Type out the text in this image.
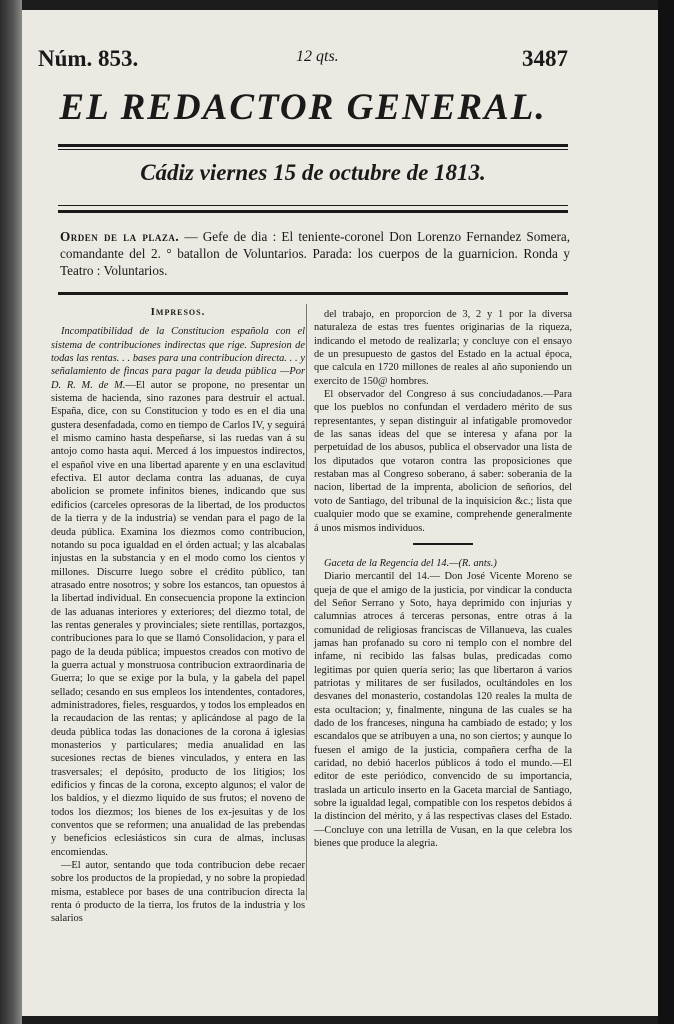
Núm. 853.	12 qts.	3487
EL REDACTOR GENERAL.
Cádiz viernes 15 de octubre de 1813.
Orden de la plaza. — Gefe de dia : El teniente-coronel Don Lorenzo Fernandez Somera, comandante del 2. ° batallon de Voluntarios. Parada: los cuerpos de la guarnicion. Ronda y Teatro : Voluntarios.
Impresos.

Incompatibilidad de la Constitucion española con el sistema de contribuciones indirectas que rige. Supresion de todas las rentas. . . bases para una contribucion directa. . . y señalamiento de fincas para pagar la deuda pública —Por D. R. M. de M.—El autor se propone, no presentar un sistema de hacienda, sino razones para destruir el actual. España, dice, con su Constitucion y todo es en el dia una gustera desenfadada, como en tiempo de Carlos IV, y seguirá el mismo camino hasta despeñarse, si las ruedas van á su antojo como hasta aqui. Merced á los impuestos indirectos, el español vive en una libertad aparente y en una esclavitud efectiva. El autor declama contra las aduanas, de cuya abolicion se promete infinitos bienes, indicando que sus edificios (carceles opresoras de la libertad, de los productos de la tierra y de la industria) se vendan para el pago de la deuda pública. Examina los diezmos como contribucion, notando su poca igualdad en el órden actual; y las alcabalas injustas en la substancia y en el modo como los cientos y millones. Discurre luego sobre el crédito público, tan atrasado entre nosotros; y sobre los estancos, tan opuestos á la libertad individual. En consecuencia propone la extincion de las aduanas interiores y exteriores; del diezmo total, de las rentas generales y provinciales; siete rentillas, portazgos, contribuciones para lo que se llamó Consolidacion, y para el pago de la deuda pública; impuestos creados con motivo de la guerra actual y monstruosa contribucion extraordinaria de Guerra; lo que se exige por la bula, y la gabela del papel sellado; cesando en sus empleos los intendentes, contadores, administradores, fieles, resguardos, y todos los empleados en la recaudacion de las rentas; y aplicándose al pago de la deuda pública todas las donaciones de la corona á iglesias monasterios y particulares; media anualidad en las sucesiones rectas de bienes vinculados, y entera en las trasversales; el depósito, producto de los litigios; los edificios y fincas de la corona, excepto algunos; el valor de los baldíos, y el diezmo liquido de sus frutos; el noveno de todos los diezmos; los bienes de los ex-jesuitas y de los conventos que se reformen; una anualidad de las prebendas y beneficios eclesiásticos sin cura de almas, inclusas encomiendas.

—El autor, sentando que toda contribucion debe recaer sobre los productos de la propiedad, y no sobre la propiedad misma, establece por bases de una contribucion directa la renta ó producto de la tierra, los frutos de la industria y los salarios

del trabajo, en proporcion de 3, 2 y 1 por la diversa naturaleza de estas tres fuentes originarias de la riqueza, indicando el metodo de realizarla; y concluye con el ensayo de un presupuesto de gastos del Estado en la actual época, que calcula en 1720 millones de reales al año suponiendo un exercito de 150@ hombres.

El observador del Congreso á sus conciudadanos.—Para que los pueblos no confundan el verdadero mérito de sus representantes, y sepan distinguir al infatigable promovedor de las sanas ideas del que se interesa y afana por la perpetuidad de los abusos, publica el observador una lista de los diputados que votaron contra las proposiciones que restaban mas al Congreso soberano, á saber: soberania de la nacion, libertad de la imprenta, abolicion de señorios, del voto de Santiago, del tribunal de la inquisicion &c.; lista que cualquier modo que se examine, comprehende generalmente á unos mismos individuos.

Gaceta de la Regencia del 14.—(R. ants.)

Diario mercantil del 14.— Don José Vicente Moreno se queja de que el amigo de la justicia, por vindicar la conducta del Señor Serrano y Soto, haya deprimido con injurias y calumnias atroces á terceras personas, entre otras á la comunidad de religiosas franciscas de Villanueva, las cuales jamas han profanado su coro ni templo con el nombre del infame, ni recibido las falsas bulas, predicadas como legitimas por quien quería serio; las que libertaron á varios patriotas y militares de ser fusilados, ocultándoles en los desvanes del monasterio, costandolas 120 reales la multa de esta ocultacion; y, finalmente, ninguna de las cuales se ha dado de los franceses, ninguna ha cambiado de estado; y los escandalos que se atribuyen a una, no son ciertos; y aunque lo fuesen el amigo de la justicia, compañera cerfha de la caridad, no debió hacerlos públicos á todo el mundo.—El editor de este periódico, convencido de su importancia, traslada un articulo inserto en la Gaceta marcial de Santiago, sobre la igualdad legal, compatible con los respetos debidos á la distincion del mérito, y á las respectivas clases del Estado.—Concluye con una letrilla de Vusan, en la que celebra los bienes que produce la alegria.
